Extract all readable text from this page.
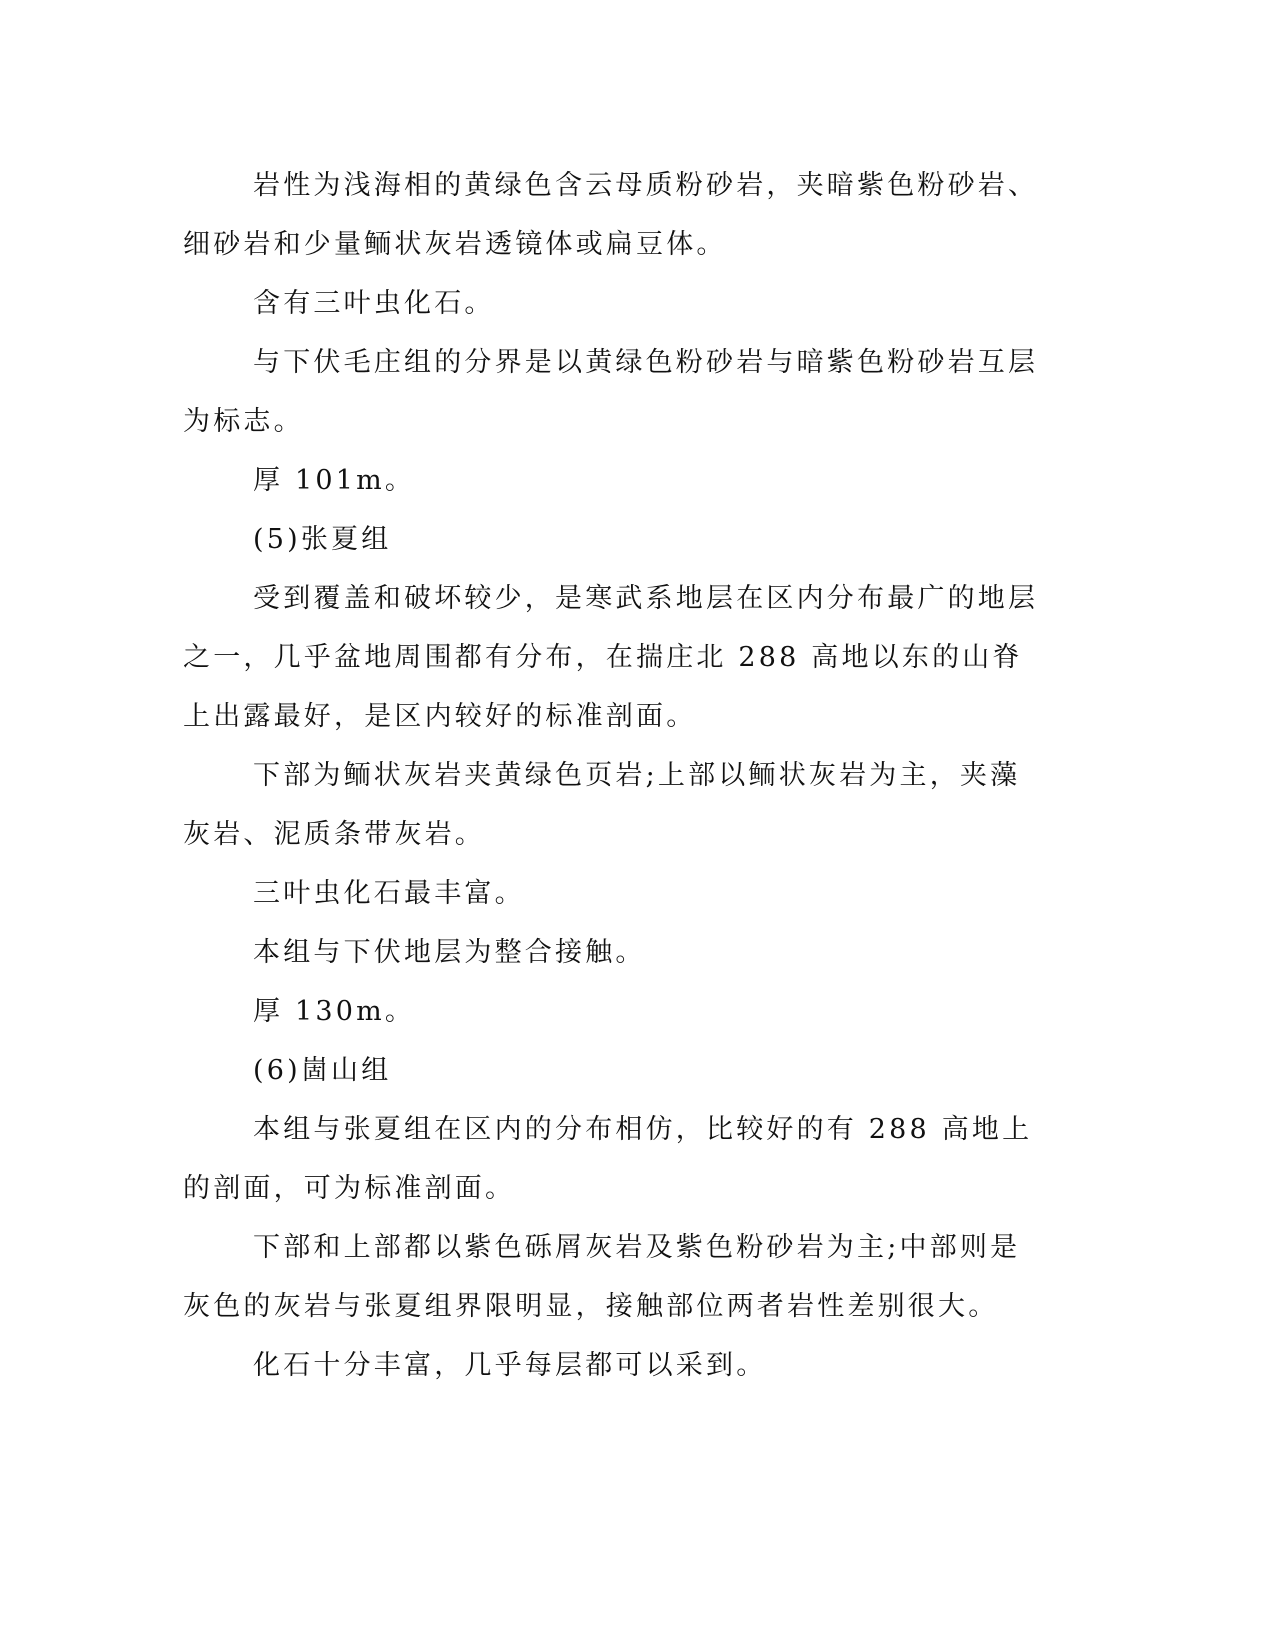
岩性为浅海相的黄绿色含云母质粉砂岩，夹暗紫色粉砂岩、细砂岩和少量鲕状灰岩透镜体或扁豆体。

含有三叶虫化石。

与下伏毛庄组的分界是以黄绿色粉砂岩与暗紫色粉砂岩互层为标志。

厚 101m。

(5)张夏组

受到覆盖和破坏较少，是寒武系地层在区内分布最广的地层之一，几乎盆地周围都有分布，在揣庄北 288 高地以东的山脊上出露最好，是区内较好的标准剖面。

下部为鲕状灰岩夹黄绿色页岩;上部以鲕状灰岩为主，夹藻灰岩、泥质条带灰岩。

三叶虫化石最丰富。

本组与下伏地层为整合接触。

厚 130m。

(6)崮山组

本组与张夏组在区内的分布相仿，比较好的有 288 高地上的剖面，可为标准剖面。

下部和上部都以紫色砾屑灰岩及紫色粉砂岩为主;中部则是灰色的灰岩与张夏组界限明显，接触部位两者岩性差别很大。

化石十分丰富，几乎每层都可以采到。
